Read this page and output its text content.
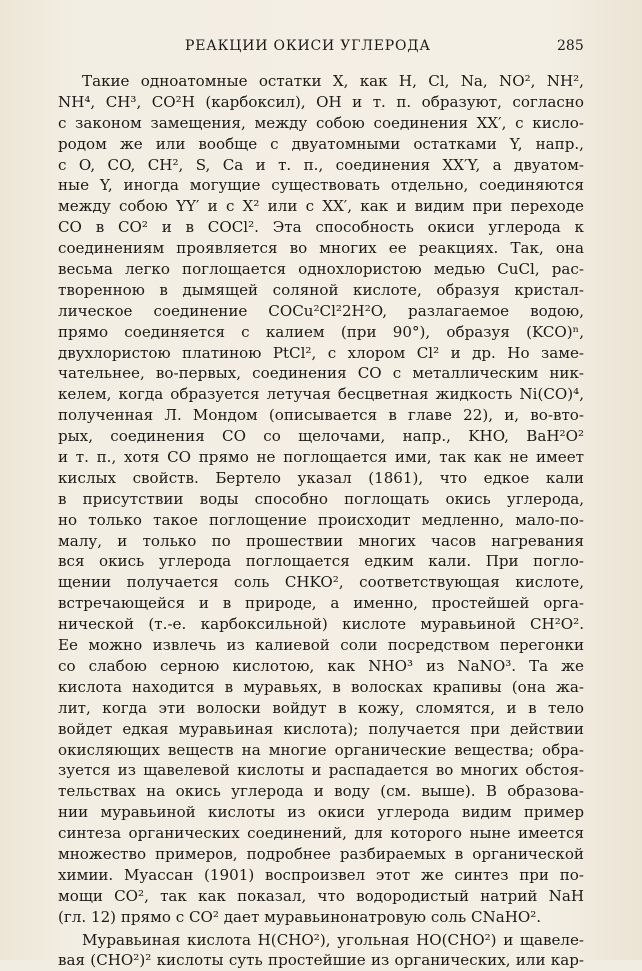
РЕАКЦИИ ОКИСИ УГЛЕРОДА	285
Такие одноатомные остатки X, как H, Cl, Na, NO², NH²,
NH⁴, CH³, CO²H (карбоксил), OH и т. п. образуют, согласно
с законом замещения, между собою соединения XX′, с кисло-
родом же или вообще с двуатомными остатками Y, напр.,
с O, CO, CH², S, Ca и т. п., соединения XX′Y, а двуатом-
ные Y, иногда могущие существовать отдельно, соединяются
между собою YY′ и с X² или с XX′, как и видим при переходе
CO в CO² и в COCl². Эта способность окиси углерода к
соединениям проявляется во многих ее реакциях. Так, она
весьма легко поглощается однохлористою медью CuCl, рас-
творенною в дымящей соляной кислоте, образуя кристал-
лическое соединение COCu²Cl²2H²O, разлагаемое водою,
прямо соединяется с калием (при 90°), образуя (KCO)ⁿ,
двухлористою платиною PtCl², с хлором Cl² и др. Но заме-
чательнее, во-первых, соединения CO с металлическим ник-
келем, когда образуется летучая бесцветная жидкость Ni(CO)⁴,
полученная Л. Мондом (описывается в главе 22), и, во-вто-
рых, соединения CO со щелочами, напр., KHO, BaH²O²
и т. п., хотя CO прямо не поглощается ими, так как не имеет
кислых свойств. Бертело указал (1861), что едкое кали
в присутствии воды способно поглощать окись углерода,
но только такое поглощение происходит медленно, мало-по-
малу, и только по прошествии многих часов нагревания
вся окись углерода поглощается едким кали. При погло-
щении получается соль CHKO², соответствующая кислоте,
встречающейся и в природе, а именно, простейшей орга-
нической (т.-е. карбоксильной) кислоте муравьиной CH²O².
Ее можно извлечь из калиевой соли посредством перегонки
со слабою серною кислотою, как NHO³ из NaNO³. Та же
кислота находится в муравьях, в волосках крапивы (она жа-
лит, когда эти волоски войдут в кожу, сломятся, и в тело
войдет едкая муравьиная кислота); получается при действии
окисляющих веществ на многие органические вещества; обра-
зуется из щавелевой кислоты и распадается во многих обстоя-
тельствах на окись углерода и воду (см. выше). В образова-
нии муравьиной кислоты из окиси углерода видим пример
синтеза органических соединений, для которого ныне имеется
множество примеров, подробнее разбираемых в органической
химии. Муассан (1901) воспроизвел этот же синтез при по-
мощи CO², так как показал, что водородистый натрий NaH
(гл. 12) прямо с CO² дает муравьинонатровую соль CNaHO².
Муравьиная кислота H(CHO²), угольная HO(CHO²) и щавеле-
вая (CHO²)² кислоты суть простейшие из органических, или кар-
